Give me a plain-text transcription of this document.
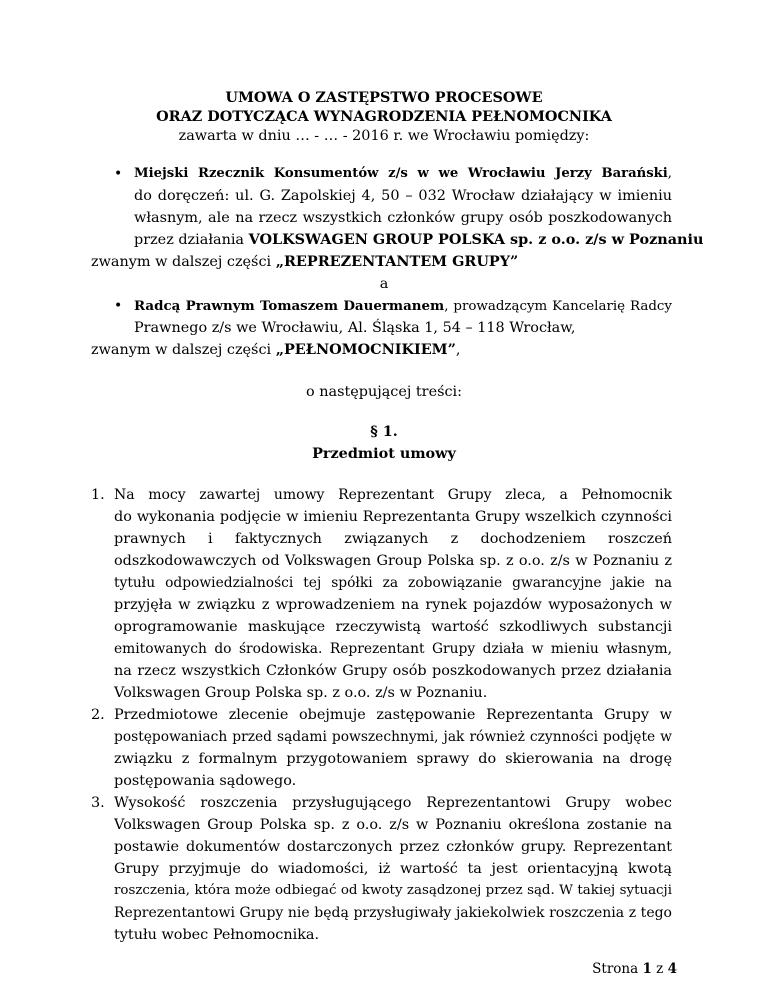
UMOWA O ZASTĘPSTWO PROCESOWE
ORAZ DOTYCZĄCA WYNAGRODZENIA PEŁNOMOCNIKA
zawarta w dniu … - … - 2016 r. we Wrocławiu pomiędzy:
• Miejski Rzecznik Konsumentów z/s w we Wrocławiu Jerzy Barański,
do doręczeń: ul. G. Zapolskiej 4, 50 – 032 Wrocław działający w imieniu
własnym, ale na rzecz wszystkich członków grupy osób poszkodowanych
przez działania VOLKSWAGEN GROUP POLSKA sp. z o.o. z/s w Poznaniu
zwanym w dalszej części „REPREZENTANTEM GRUPY”
a
• Radcą Prawnym Tomaszem Dauermanem, prowadzącym Kancelarię Radcy
Prawnego z/s we Wrocławiu, Al. Śląska 1, 54 – 118 Wrocław,
zwanym w dalszej części „PEŁNOMOCNIKIEM”,
o następującej treści:
§ 1.
Przedmiot umowy
1. Na mocy zawartej umowy Reprezentant Grupy zleca, a Pełnomocnik
do wykonania podjęcie w imieniu Reprezentanta Grupy wszelkich czynności
prawnych i faktycznych związanych z dochodzeniem roszczeń
odszkodowawczych od Volkswagen Group Polska sp. z o.o. z/s w Poznaniu z
tytułu odpowiedzialności tej spółki za zobowiązanie gwarancyjne jakie na
przyjęła w związku z wprowadzeniem na rynek pojazdów wyposażonych w
oprogramowanie maskujące rzeczywistą wartość szkodliwych substancji
emitowanych do środowiska. Reprezentant Grupy działa w mieniu własnym,
na rzecz wszystkich Członków Grupy osób poszkodowanych przez działania
Volkswagen Group Polska sp. z o.o. z/s w Poznaniu.
2. Przedmiotowe zlecenie obejmuje zastępowanie Reprezentanta Grupy w
postępowaniach przed sądami powszechnymi, jak również czynności podjęte w
związku z formalnym przygotowaniem sprawy do skierowania na drogę
postępowania sądowego.
3. Wysokość roszczenia przysługującego Reprezentantowi Grupy wobec
Volkswagen Group Polska sp. z o.o. z/s w Poznaniu określona zostanie na
postawie dokumentów dostarczonych przez członków grupy. Reprezentant
Grupy przyjmuje do wiadomości, iż wartość ta jest orientacyjną kwotą
roszczenia, która może odbiegać od kwoty zasądzonej przez sąd. W takiej sytuacji
Reprezentantowi Grupy nie będą przysługiwały jakiekolwiek roszczenia z tego
tytułu wobec Pełnomocnika.
Strona 1 z 4
